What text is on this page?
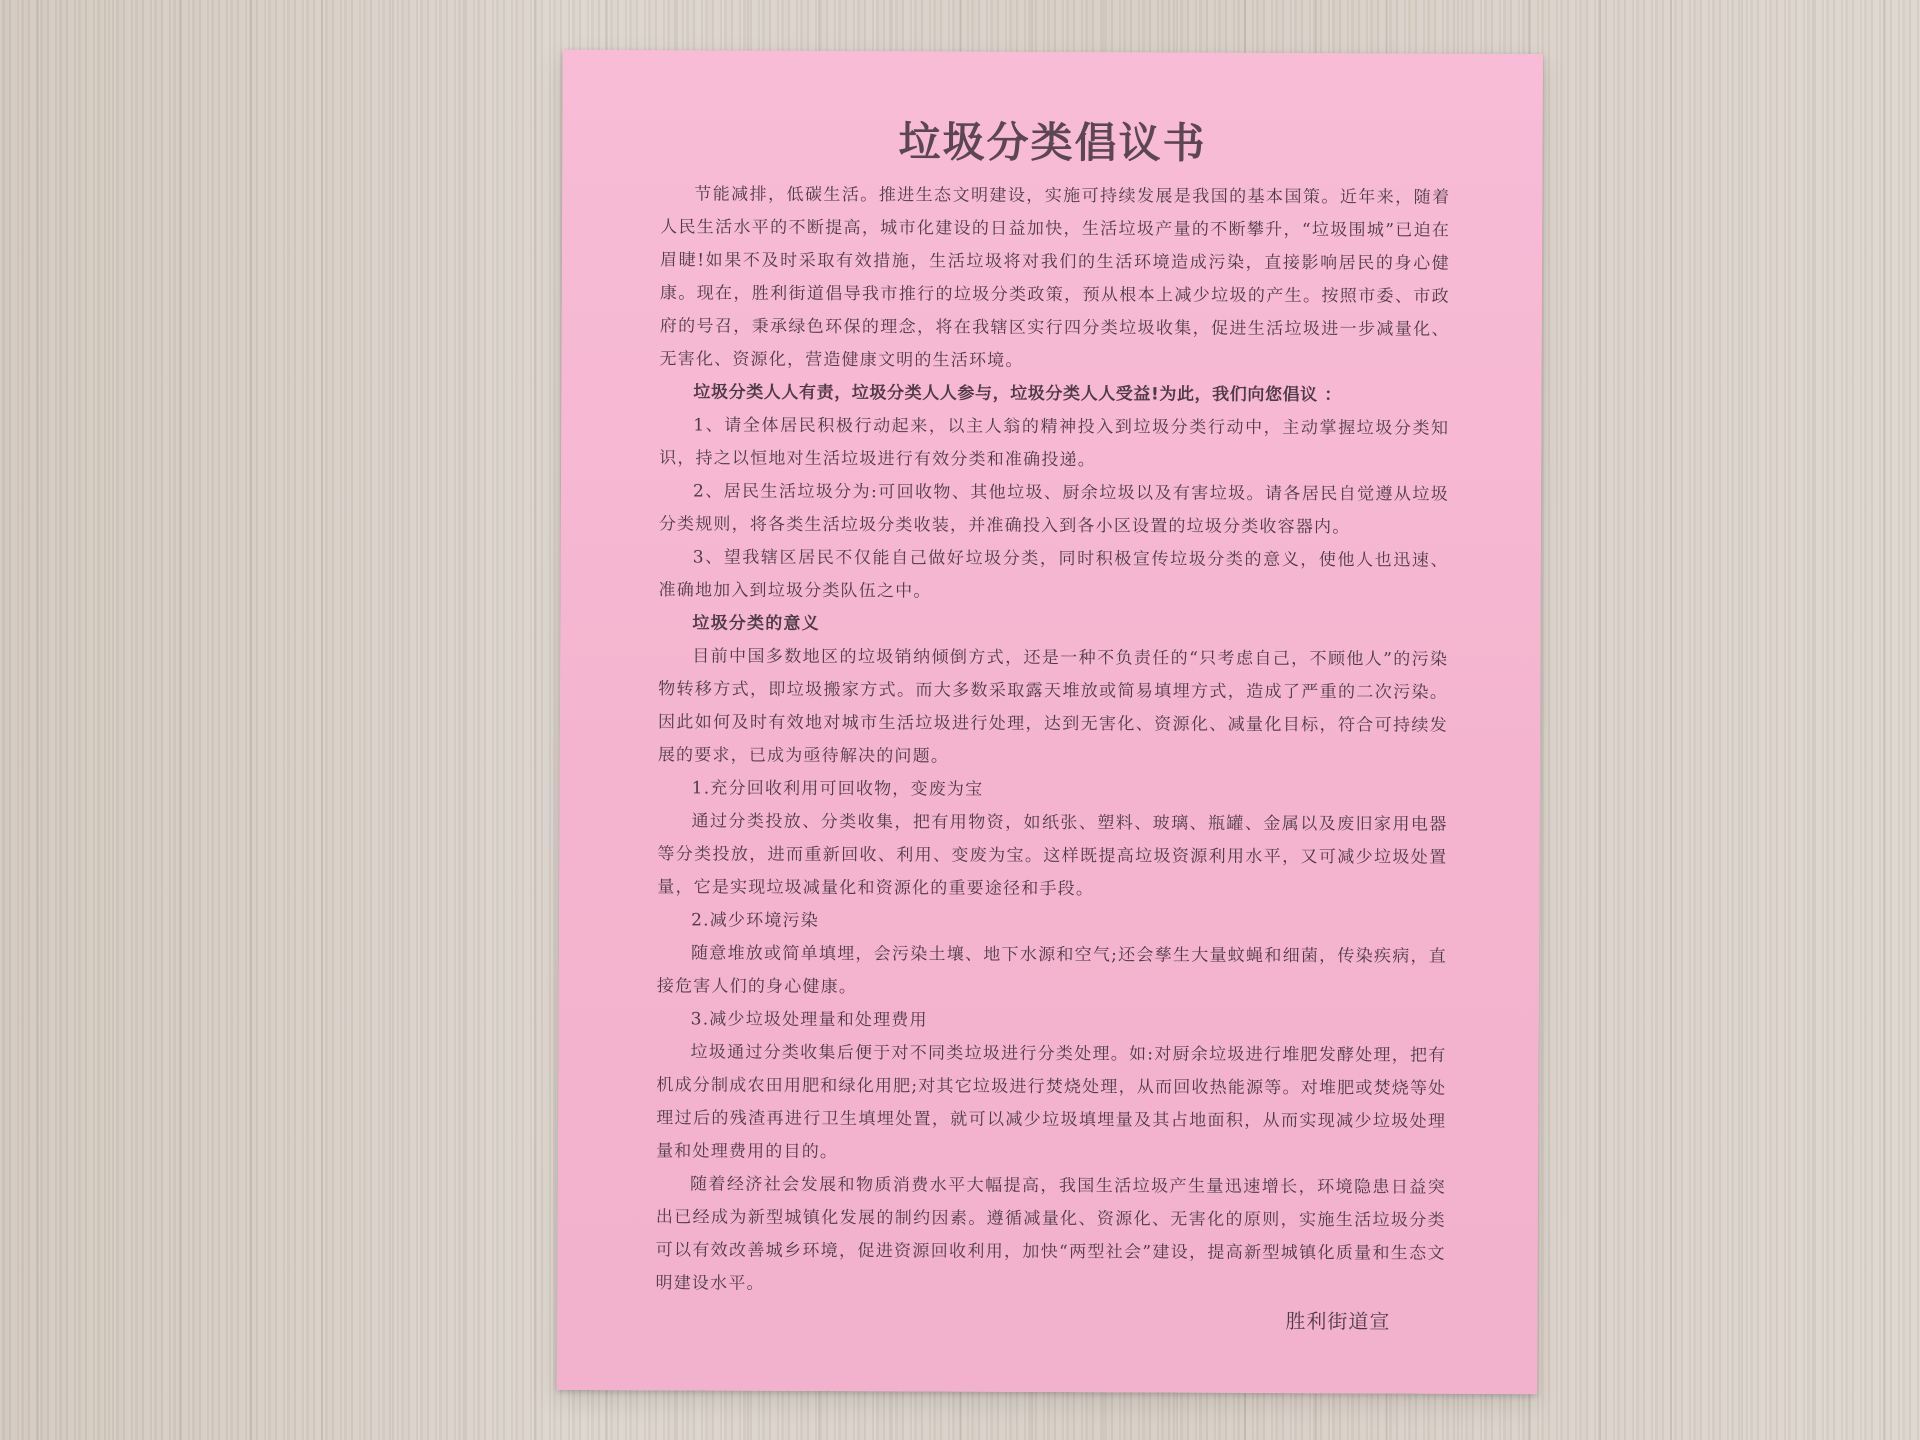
垃圾分类倡议书

节能减排，低碳生活。推进生态文明建设，实施可持续发展是我国的基本国策。近年来，随着人民生活水平的不断提高，城市化建设的日益加快，生活垃圾产量的不断攀升，“垃圾围城”已迫在眉睫!如果不及时采取有效措施，生活垃圾将对我们的生活环境造成污染，直接影响居民的身心健康。现在，胜利街道倡导我市推行的垃圾分类政策，预从根本上减少垃圾的产生。按照市委、市政府的号召，秉承绿色环保的理念，将在我辖区实行四分类垃圾收集，促进生活垃圾进一步减量化、无害化、资源化，营造健康文明的生活环境。

垃圾分类人人有责，垃圾分类人人参与，垃圾分类人人受益!为此，我们向您倡议 ：

1、请全体居民积极行动起来，以主人翁的精神投入到垃圾分类行动中，主动掌握垃圾分类知识，持之以恒地对生活垃圾进行有效分类和准确投递。

2、居民生活垃圾分为:可回收物、其他垃圾、厨余垃圾以及有害垃圾。请各居民自觉遵从垃圾分类规则，将各类生活垃圾分类收装，并准确投入到各小区设置的垃圾分类收容器内。

3、望我辖区居民不仅能自己做好垃圾分类，同时积极宣传垃圾分类的意义，使他人也迅速、准确地加入到垃圾分类队伍之中。

垃圾分类的意义

目前中国多数地区的垃圾销纳倾倒方式，还是一种不负责任的“只考虑自己，不顾他人”的污染物转移方式，即垃圾搬家方式。而大多数采取露天堆放或简易填埋方式，造成了严重的二次污染。因此如何及时有效地对城市生活垃圾进行处理，达到无害化、资源化、减量化目标，符合可持续发展的要求，已成为亟待解决的问题。

1.充分回收利用可回收物，变废为宝

通过分类投放、分类收集，把有用物资，如纸张、塑料、玻璃、瓶罐、金属以及废旧家用电器等分类投放，进而重新回收、利用、变废为宝。这样既提高垃圾资源利用水平，又可减少垃圾处置量，它是实现垃圾减量化和资源化的重要途径和手段。

2.减少环境污染

随意堆放或简单填埋，会污染土壤、地下水源和空气;还会孳生大量蚊蝇和细菌，传染疾病，直接危害人们的身心健康。

3.减少垃圾处理量和处理费用

垃圾通过分类收集后便于对不同类垃圾进行分类处理。如:对厨余垃圾进行堆肥发酵处理，把有机成分制成农田用肥和绿化用肥;对其它垃圾进行焚烧处理，从而回收热能源等。对堆肥或焚烧等处理过后的残渣再进行卫生填埋处置，就可以减少垃圾填埋量及其占地面积，从而实现减少垃圾处理量和处理费用的目的。

随着经济社会发展和物质消费水平大幅提高，我国生活垃圾产生量迅速增长，环境隐患日益突出已经成为新型城镇化发展的制约因素。遵循减量化、资源化、无害化的原则，实施生活垃圾分类可以有效改善城乡环境，促进资源回收利用，加快“两型社会”建设，提高新型城镇化质量和生态文明建设水平。

胜利街道宣
